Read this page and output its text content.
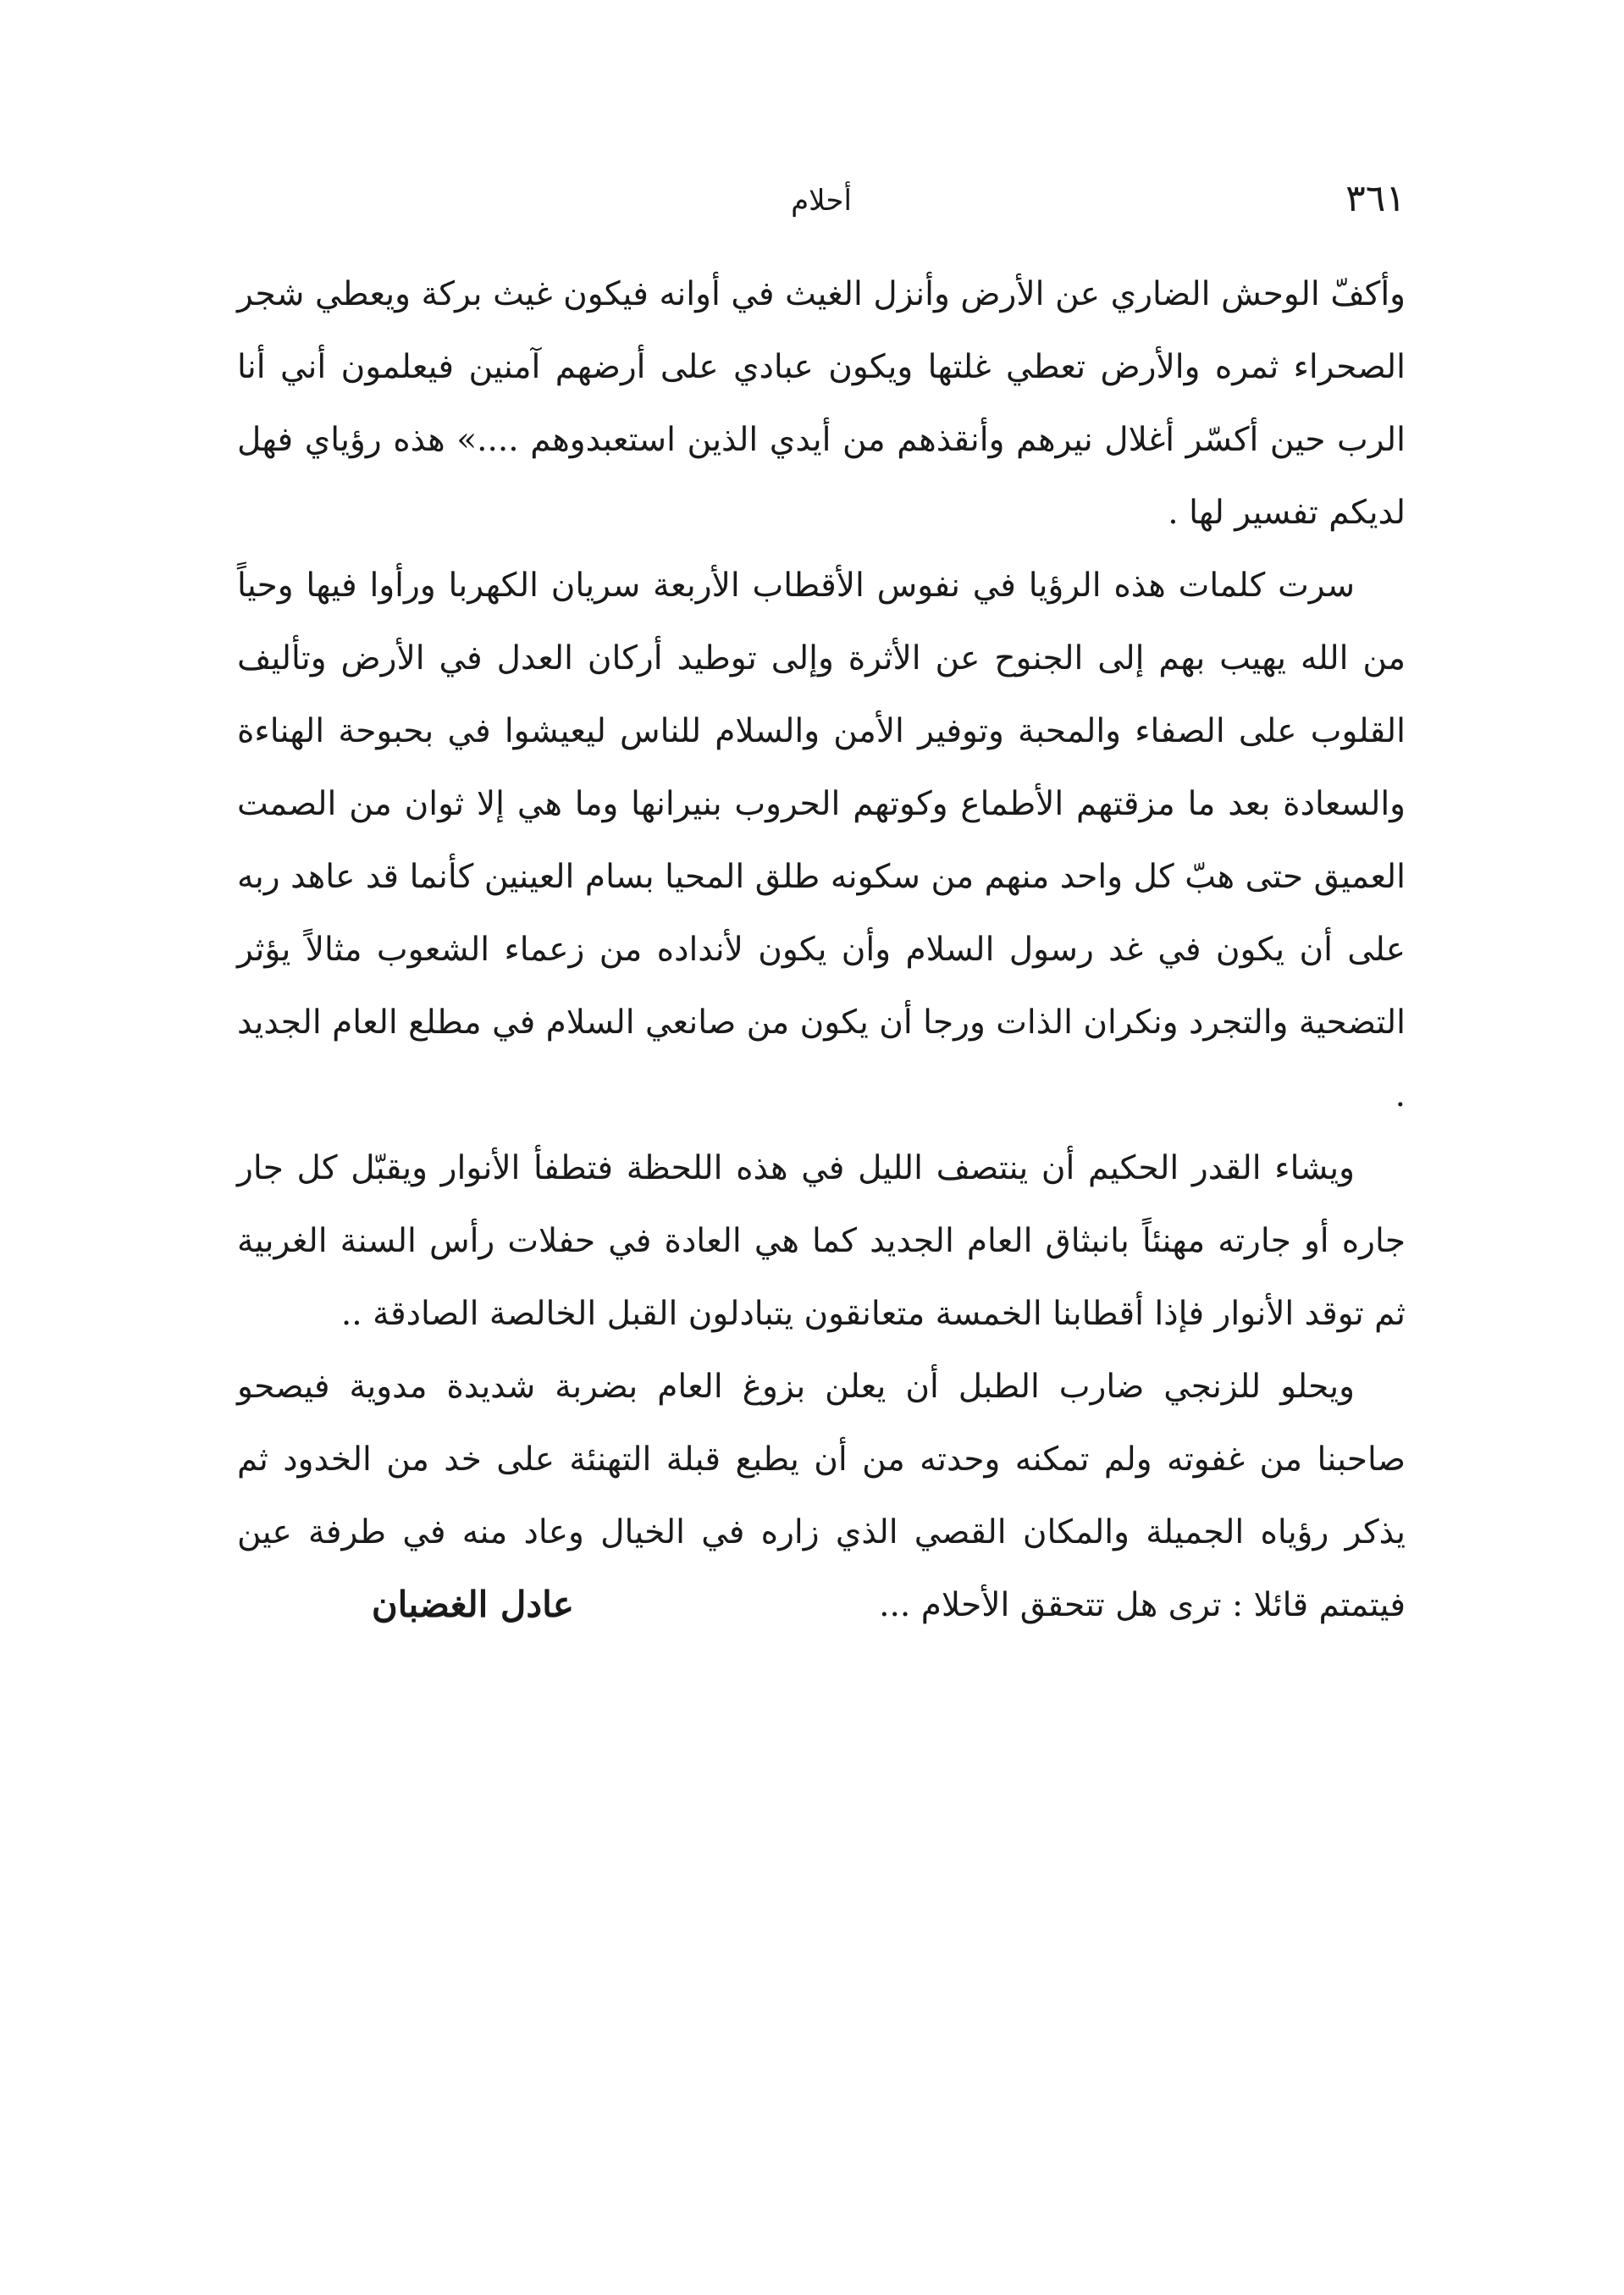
٣٦١
أحلام

وأكفّ الوحش الضاري عن الأرض وأنزل الغيث في أوانه فيكون غيث بركة ويعطي شجر الصحراء ثمره والأرض تعطي غلتها ويكون عبادي على أرضهم آمنين فيعلمون أني أنا الرب حين أكسّر أغلال نيرهم وأنقذهم من أيدي الذين استعبدوهم ....» هذه رؤياي فهل لديكم تفسير لها .

سرت كلمات هذه الرؤيا في نفوس الأقطاب الأربعة سريان الكهربا ورأوا فيها وحياً من الله يهيب بهم إلى الجنوح عن الأثرة وإلى توطيد أركان العدل في الأرض وتأليف القلوب على الصفاء والمحبة وتوفير الأمن والسلام للناس ليعيشوا في بحبوحة الهناءة والسعادة بعد ما مزقتهم الأطماع وكوتهم الحروب بنيرانها وما هي إلا ثوان من الصمت العميق حتى هبّ كل واحد منهم من سكونه طلق المحيا بسام العينين كأنما قد عاهد ربه على أن يكون في غد رسول السلام وأن يكون لأنداده من زعماء الشعوب مثالاً يؤثر التضحية والتجرد ونكران الذات ورجا أن يكون من صانعي السلام في مطلع العام الجديد .

ويشاء القدر الحكيم أن ينتصف الليل في هذه اللحظة فتطفأ الأنوار ويقبّل كل جار جاره أو جارته مهنئاً بانبثاق العام الجديد كما هي العادة في حفلات رأس السنة الغربية ثم توقد الأنوار فإذا أقطابنا الخمسة متعانقون يتبادلون القبل الخالصة الصادقة ..

ويحلو للزنجي ضارب الطبل أن يعلن بزوغ العام بضربة شديدة مدوية فيصحو صاحبنا من غفوته ولم تمكنه وحدته من أن يطبع قبلة التهنئة على خد من الخدود ثم يذكر رؤياه الجميلة والمكان القصي الذي زاره في الخيال وعاد منه في طرفة عين فيتمتم قائلا : ترى هل تتحقق الأحلام ...

عادل الغضبان
